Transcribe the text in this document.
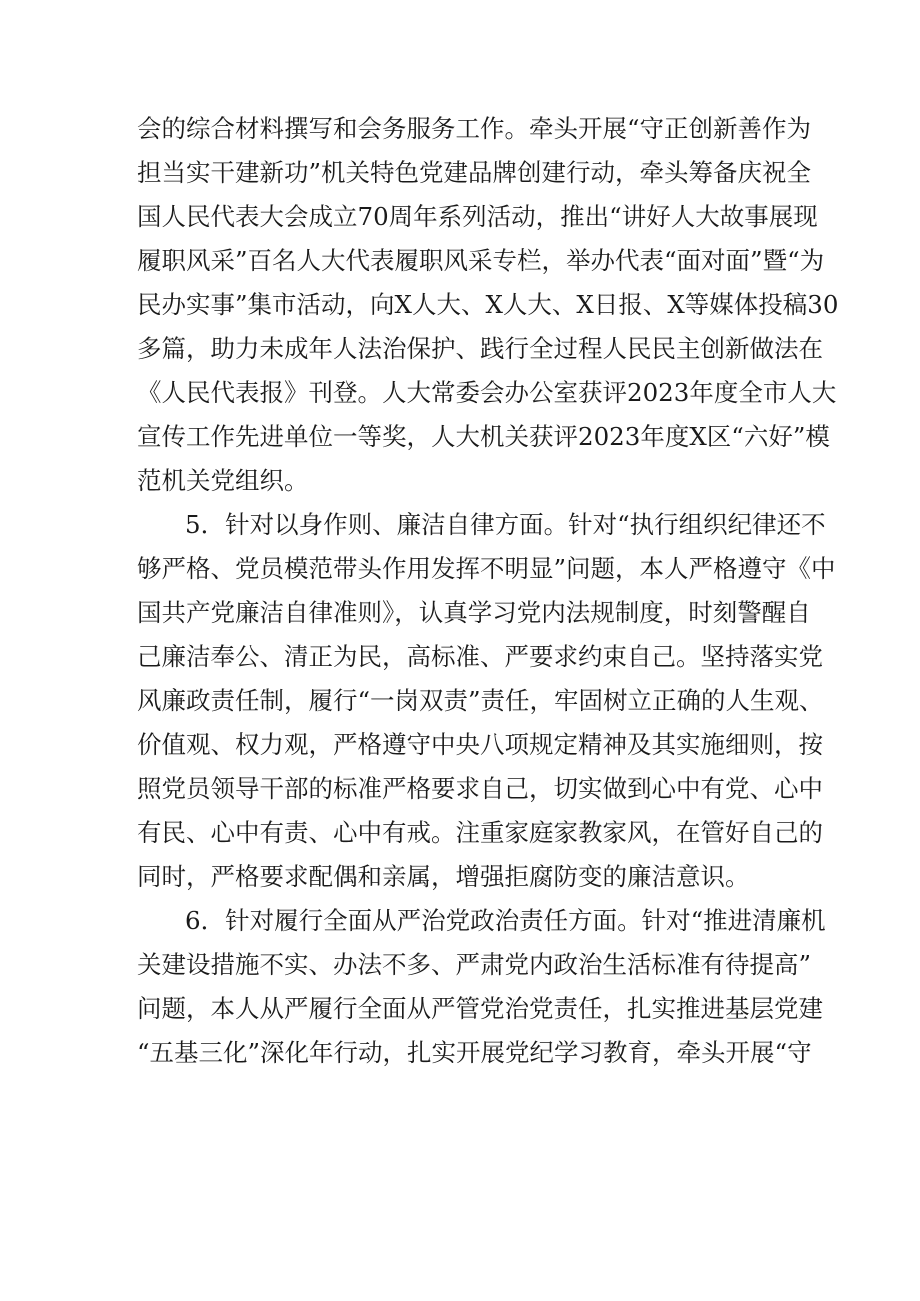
会的综合材料撰写和会务服务工作。牵头开展“守正创新善作为
担当实干建新功”机关特色党建品牌创建行动，牵头筹备庆祝全
国人民代表大会成立70周年系列活动，推出“讲好人大故事展现
履职风采”百名人大代表履职风采专栏，举办代表“面对面”暨“为
民办实事”集市活动，向X人大、X人大、X日报、X等媒体投稿30
多篇，助力未成年人法治保护、践行全过程人民民主创新做法在
《人民代表报》刊登。人大常委会办公室获评2023年度全市人大
宣传工作先进单位一等奖，人大机关获评2023年度X区“六好”模
范机关党组织。
5．针对以身作则、廉洁自律方面。针对“执行组织纪律还不
够严格、党员模范带头作用发挥不明显”问题，本人严格遵守《中
国共产党廉洁自律准则》，认真学习党内法规制度，时刻警醒自
己廉洁奉公、清正为民，高标准、严要求约束自己。坚持落实党
风廉政责任制，履行“一岗双责”责任，牢固树立正确的人生观、
价值观、权力观，严格遵守中央八项规定精神及其实施细则，按
照党员领导干部的标准严格要求自己，切实做到心中有党、心中
有民、心中有责、心中有戒。注重家庭家教家风，在管好自己的
同时，严格要求配偶和亲属，增强拒腐防变的廉洁意识。
6．针对履行全面从严治党政治责任方面。针对“推进清廉机
关建设措施不实、办法不多、严肃党内政治生活标准有待提高”
问题，本人从严履行全面从严管党治党责任，扎实推进基层党建
“五基三化”深化年行动，扎实开展党纪学习教育，牵头开展“守
